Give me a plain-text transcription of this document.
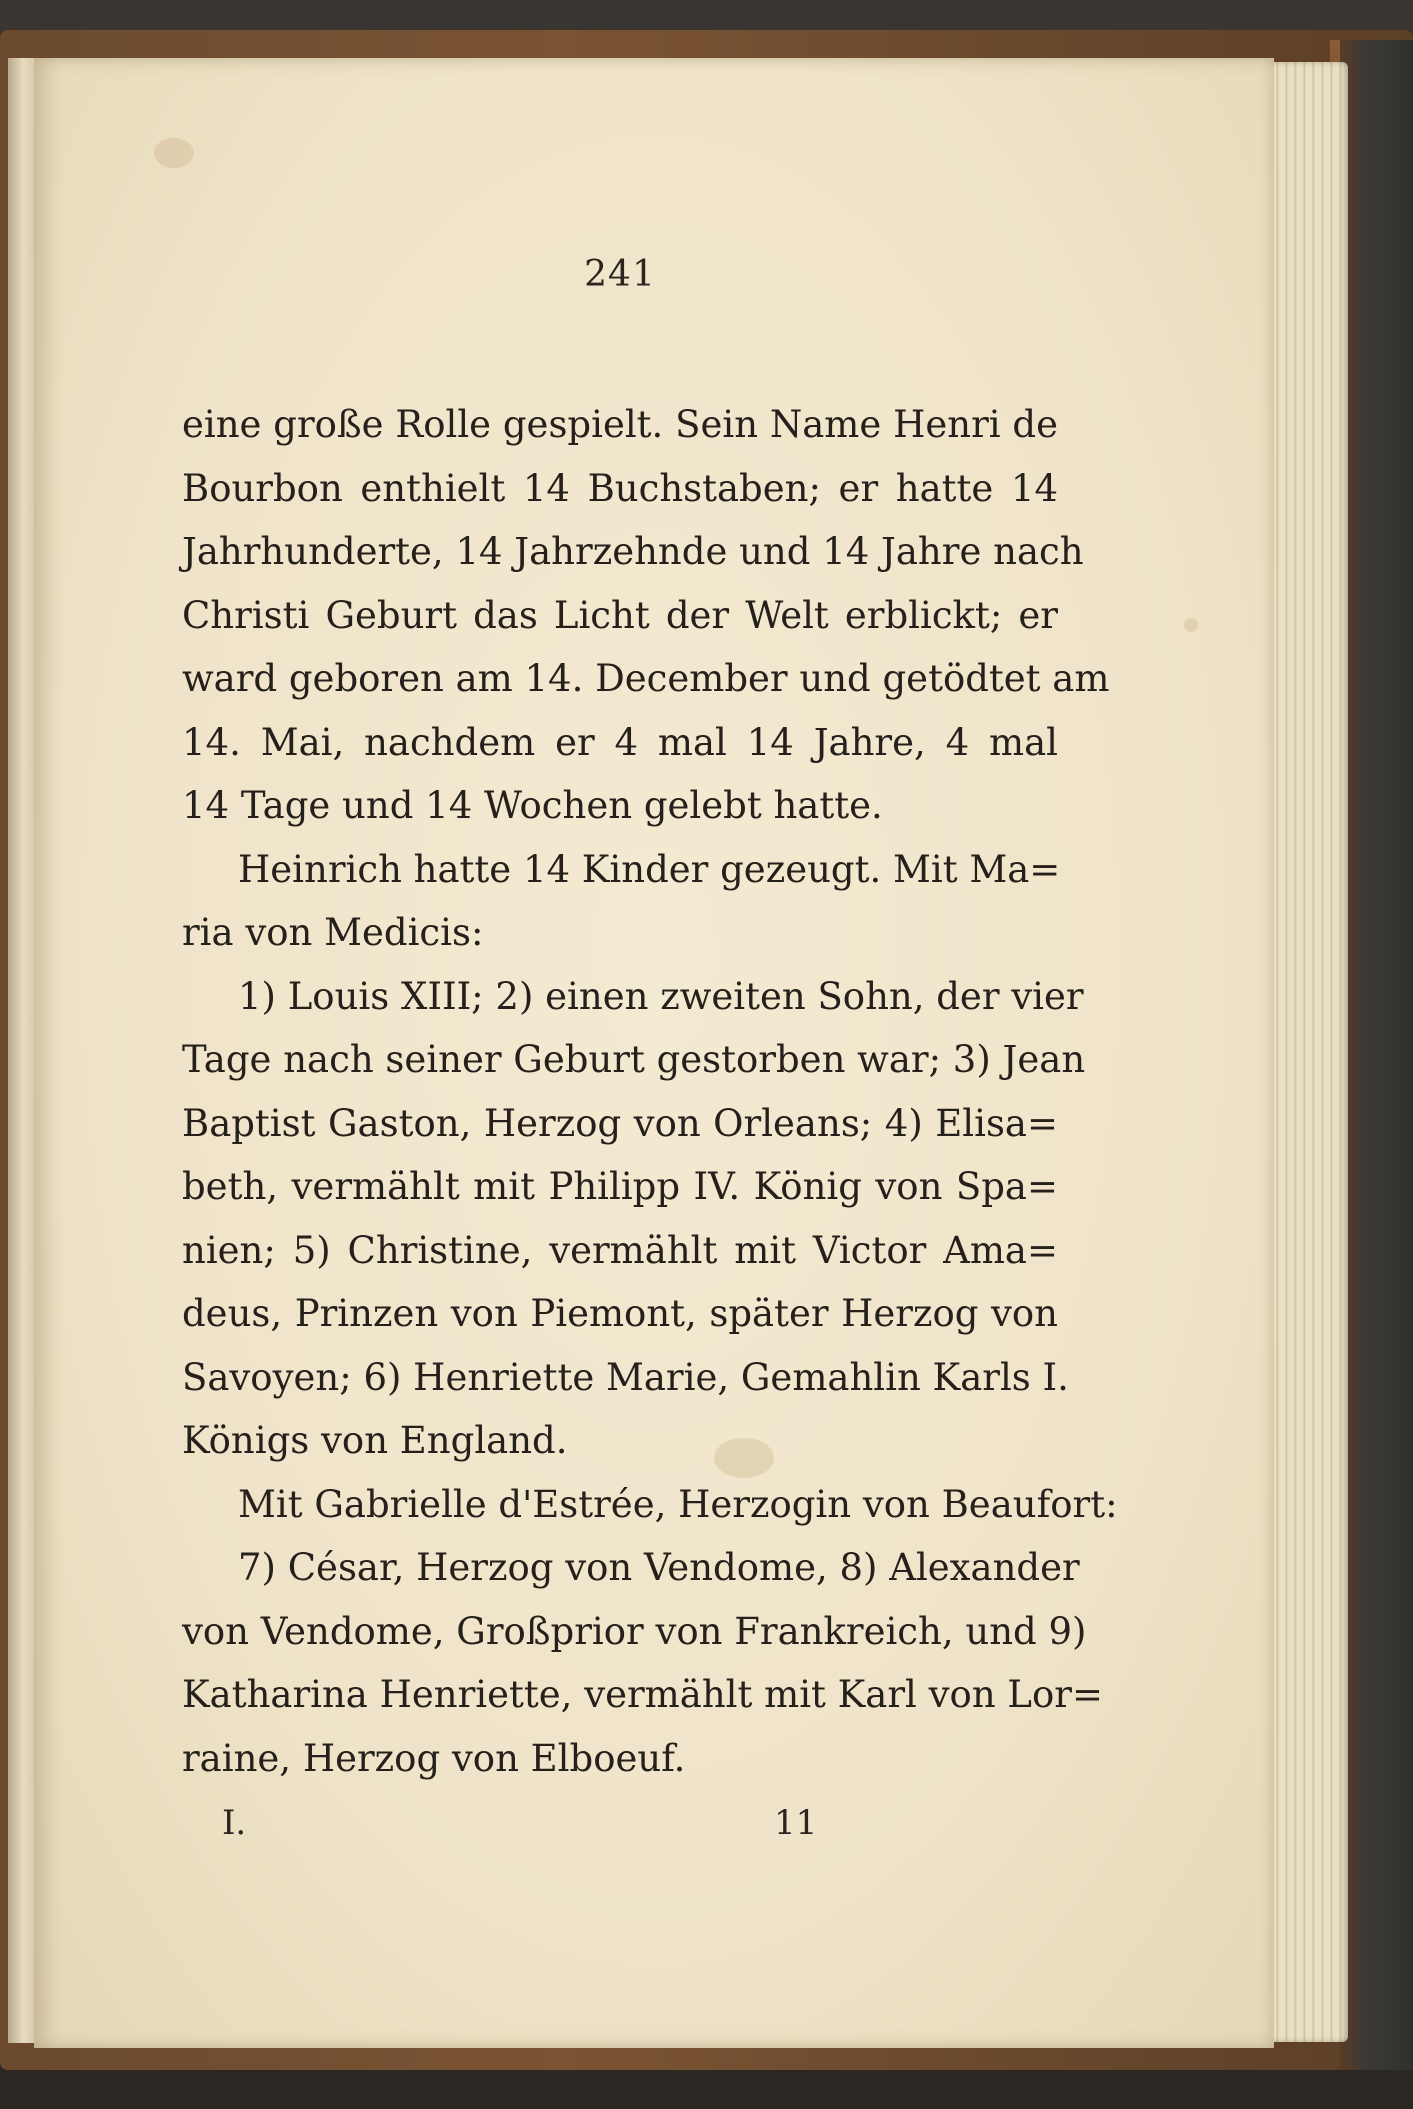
241
eine große Rolle gespielt. Sein Name Henri de
Bourbon enthielt 14 Buchstaben; er hatte 14
Jahrhunderte, 14 Jahrzehnde und 14 Jahre nach
Christi Geburt das Licht der Welt erblickt; er
ward geboren am 14. December und getödtet am
14. Mai, nachdem er 4 mal 14 Jahre, 4 mal
14 Tage und 14 Wochen gelebt hatte.
Heinrich hatte 14 Kinder gezeugt. Mit Ma=
ria von Medicis:
1) Louis XIII; 2) einen zweiten Sohn, der vier
Tage nach seiner Geburt gestorben war; 3) Jean
Baptist Gaston, Herzog von Orleans; 4) Elisa=
beth, vermählt mit Philipp IV. König von Spa=
nien; 5) Christine, vermählt mit Victor Ama=
deus, Prinzen von Piemont, später Herzog von
Savoyen; 6) Henriette Marie, Gemahlin Karls I.
Königs von England.
Mit Gabrielle d'Estrée, Herzogin von Beaufort:
7) César, Herzog von Vendome, 8) Alexander
von Vendome, Großprior von Frankreich, und 9)
Katharina Henriette, vermählt mit Karl von Lor=
raine, Herzog von Elboeuf.
I.	11
